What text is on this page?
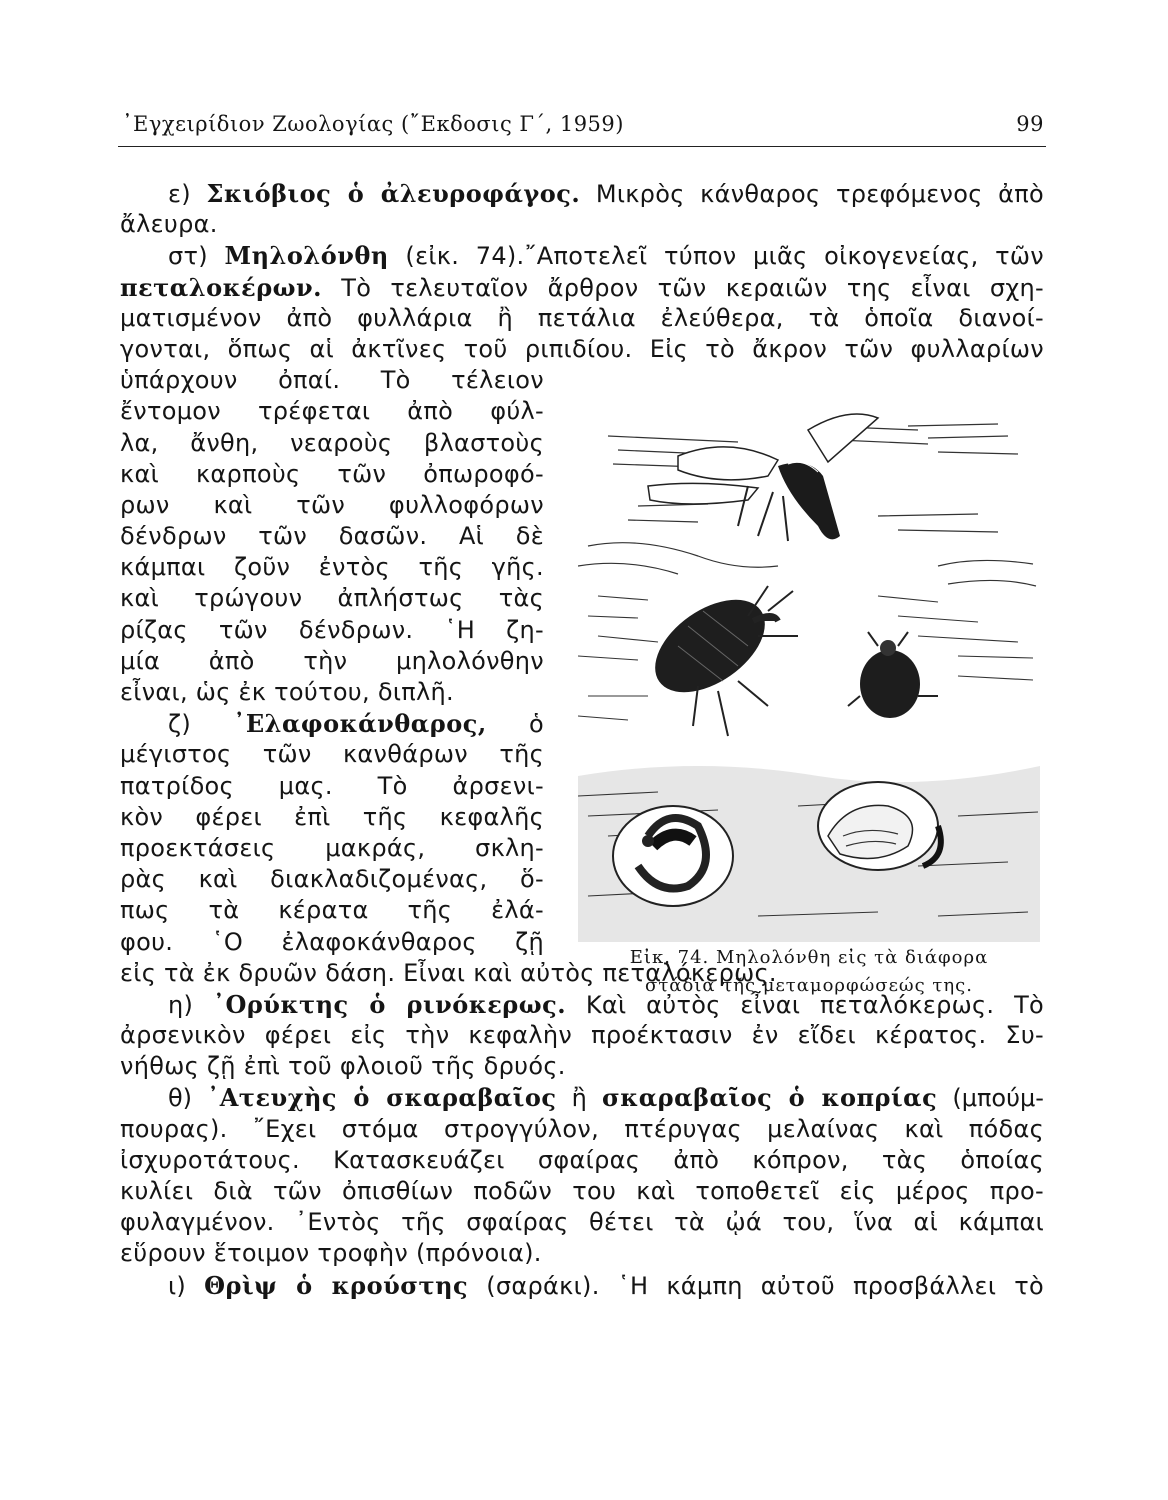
᾿Εγχειρίδιον Ζωολογίας (῎Εκδοσις Γ΄, 1959)	99
ε) Σκιόβιος ὁ ἀλευροφάγος. Μικρὸς κάνθαρος τρεφόμενος ἀπὸ
ἄλευρα.
στ) Μηλολόνθη (εἰκ. 74).῎Αποτελεῖ τύπον μιᾶς οἰκογενείας, τῶν
πεταλοκέρων. Τὸ τελευταῖον ἄρθρον τῶν κεραιῶν της εἶναι σχη-
ματισμένον ἀπὸ φυλλάρια ἢ πετάλια ἐλεύθερα, τὰ ὁποῖα διανοί-
γονται, ὅπως αἱ ἀκτῖνες τοῦ ριπιδίου. Εἰς τὸ ἄκρον τῶν φυλλαρίων
ὑπάρχουν ὀπαί. Τὸ τέλειον
ἔντομον τρέφεται ἀπὸ φύλ-
λα, ἄνθη, νεαροὺς βλαστοὺς
καὶ καρποὺς τῶν ὀπωροφό-
ρων καὶ τῶν φυλλοφόρων
δένδρων τῶν δασῶν. Αἱ δὲ
κάμπαι ζοῦν ἐντὸς τῆς γῆς.
καὶ τρώγουν ἀπλήστως τὰς
ρίζας τῶν δένδρων. ῾Η ζη-
μία ἀπὸ τὴν μηλολόνθην
εἶναι, ὡς ἐκ τούτου, διπλῆ.
ζ) ᾿Ελαφοκάνθαρος, ὁ
μέγιστος τῶν κανθάρων τῆς
πατρίδος μας. Τὸ ἀρσενι-
κὸν φέρει ἐπὶ τῆς κεφαλῆς
προεκτάσεις μακράς, σκλη-
ρὰς καὶ διακλαδιζομένας, ὅ-
πως τὰ κέρατα τῆς ἐλά-
φου. ῾Ο ἐλαφοκάνθαρος ζῇ
εἰς τὰ ἐκ δρυῶν δάση. Εἶναι καὶ αὐτὸς πεταλόκερως.
η) ᾿Ορύκτης ὁ ρινόκερως. Καὶ αὐτὸς εἶναι πεταλόκερως. Τὸ
ἀρσενικὸν φέρει εἰς τὴν κεφαλὴν προέκτασιν ἐν εἴδει κέρατος. Συ-
νήθως ζῇ ἐπὶ τοῦ φλοιοῦ τῆς δρυός.
θ) ᾿Ατευχὴς ὁ σκαραβαῖος ἢ σκαραβαῖος ὁ κοπρίας (μπούμ-
πουρας). ῎Εχει στόμα στρογγύλον, πτέρυγας μελαίνας καὶ πόδας
ἰσχυροτάτους. Κατασκευάζει σφαίρας ἀπὸ κόπρον, τὰς ὁποίας
κυλίει διὰ τῶν ὀπισθίων ποδῶν του καὶ τοποθετεῖ εἰς μέρος προ-
φυλαγμένον. ᾿Εντὸς τῆς σφαίρας θέτει τὰ ᾠά του, ἵνα αἱ κάμπαι
εὕρουν ἕτοιμον τροφὴν (πρόνοια).
ι) Θρὶψ ὁ κρούστης (σαράκι). ῾Η κάμπη αὐτοῦ προσβάλλει τὸ
Εἰκ. 74. Μηλολόνθη εἰς τὰ διάφορα
στάδια τῆς μεταμορφώσεώς της.
